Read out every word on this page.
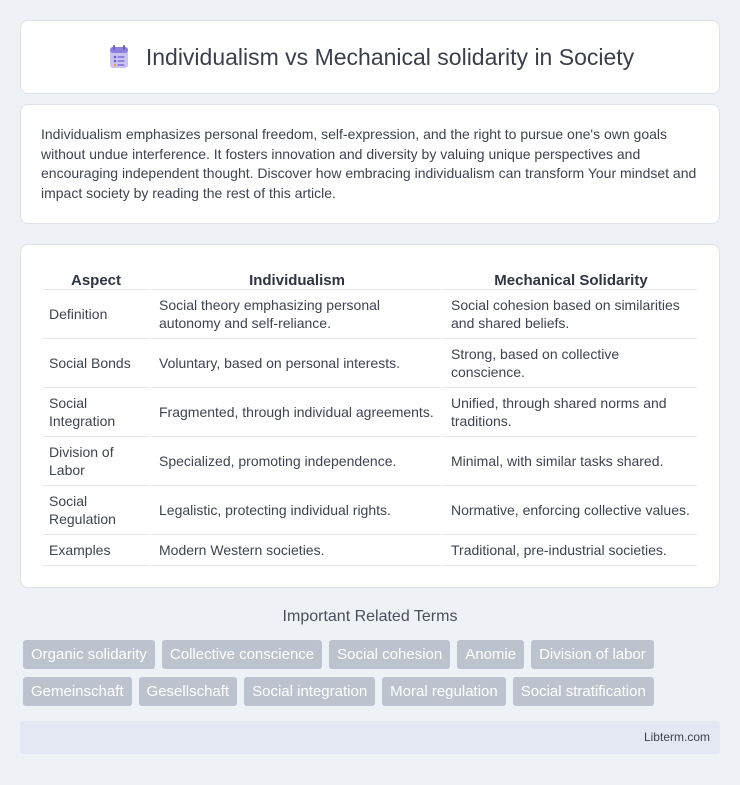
Individualism vs Mechanical solidarity in Society

Individualism emphasizes personal freedom, self-expression, and the right to pursue one's own goals without undue interference. It fosters innovation and diversity by valuing unique perspectives and encouraging independent thought. Discover how embracing individualism can transform Your mindset and impact society by reading the rest of this article.

Aspect	Individualism	Mechanical Solidarity
Definition	Social theory emphasizing personal autonomy and self-reliance.	Social cohesion based on similarities and shared beliefs.
Social Bonds	Voluntary, based on personal interests.	Strong, based on collective conscience.
Social Integration	Fragmented, through individual agreements.	Unified, through shared norms and traditions.
Division of Labor	Specialized, promoting independence.	Minimal, with similar tasks shared.
Social Regulation	Legalistic, protecting individual rights.	Normative, enforcing collective values.
Examples	Modern Western societies.	Traditional, pre-industrial societies.
Important Related Terms
Organic solidarity	Collective conscience	Social cohesion	Anomie	Division of labor
Gemeinschaft	Gesellschaft	Social integration	Moral regulation	Social stratification
Libterm.com
